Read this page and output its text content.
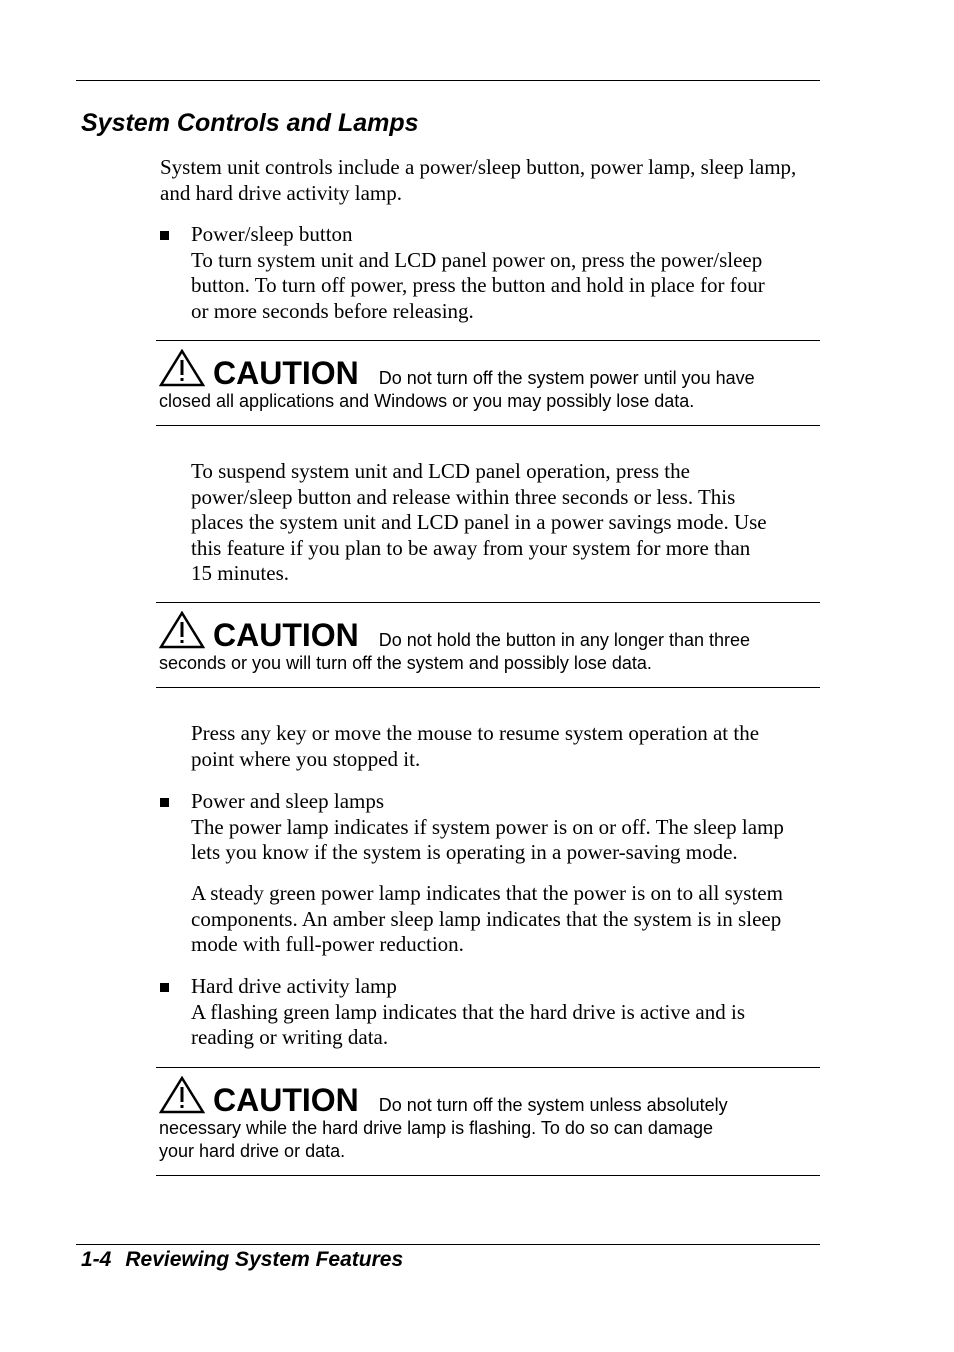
System Controls and Lamps
System unit controls include a power/sleep button, power lamp, sleep lamp, and hard drive activity lamp.
Power/sleep button
To turn system unit and LCD panel power on, press the power/sleep
button. To turn off power, press the button and hold in place for four
or more seconds before releasing.

CAUTION Do not turn off the system power until you have

closed all applications and Windows or you may possibly lose data.

To suspend system unit and LCD panel operation, press the
power/sleep button and release within three seconds or less. This
places the system unit and LCD panel in a power savings mode. Use
this feature if you plan to be away from your system for more than
15 minutes.

CAUTION Do not hold the button in any longer than three

seconds or you will turn off the system and possibly lose data.

Press any key or move the mouse to resume system operation at the
point where you stopped it.
Power and sleep lamps
The power lamp indicates if system power is on or off. The sleep lamp
lets you know if the system is operating in a power-saving mode.
A steady green power lamp indicates that the power is on to all system
components. An amber sleep lamp indicates that the system is in sleep
mode with full-power reduction.
Hard drive activity lamp
A flashing green lamp indicates that the hard drive is active and is
reading or writing data.

CAUTION Do not turn off the system unless absolutely

necessary while the hard drive lamp is flashing. To do so can damage

your hard drive or data.

1-4 Reviewing System Features
